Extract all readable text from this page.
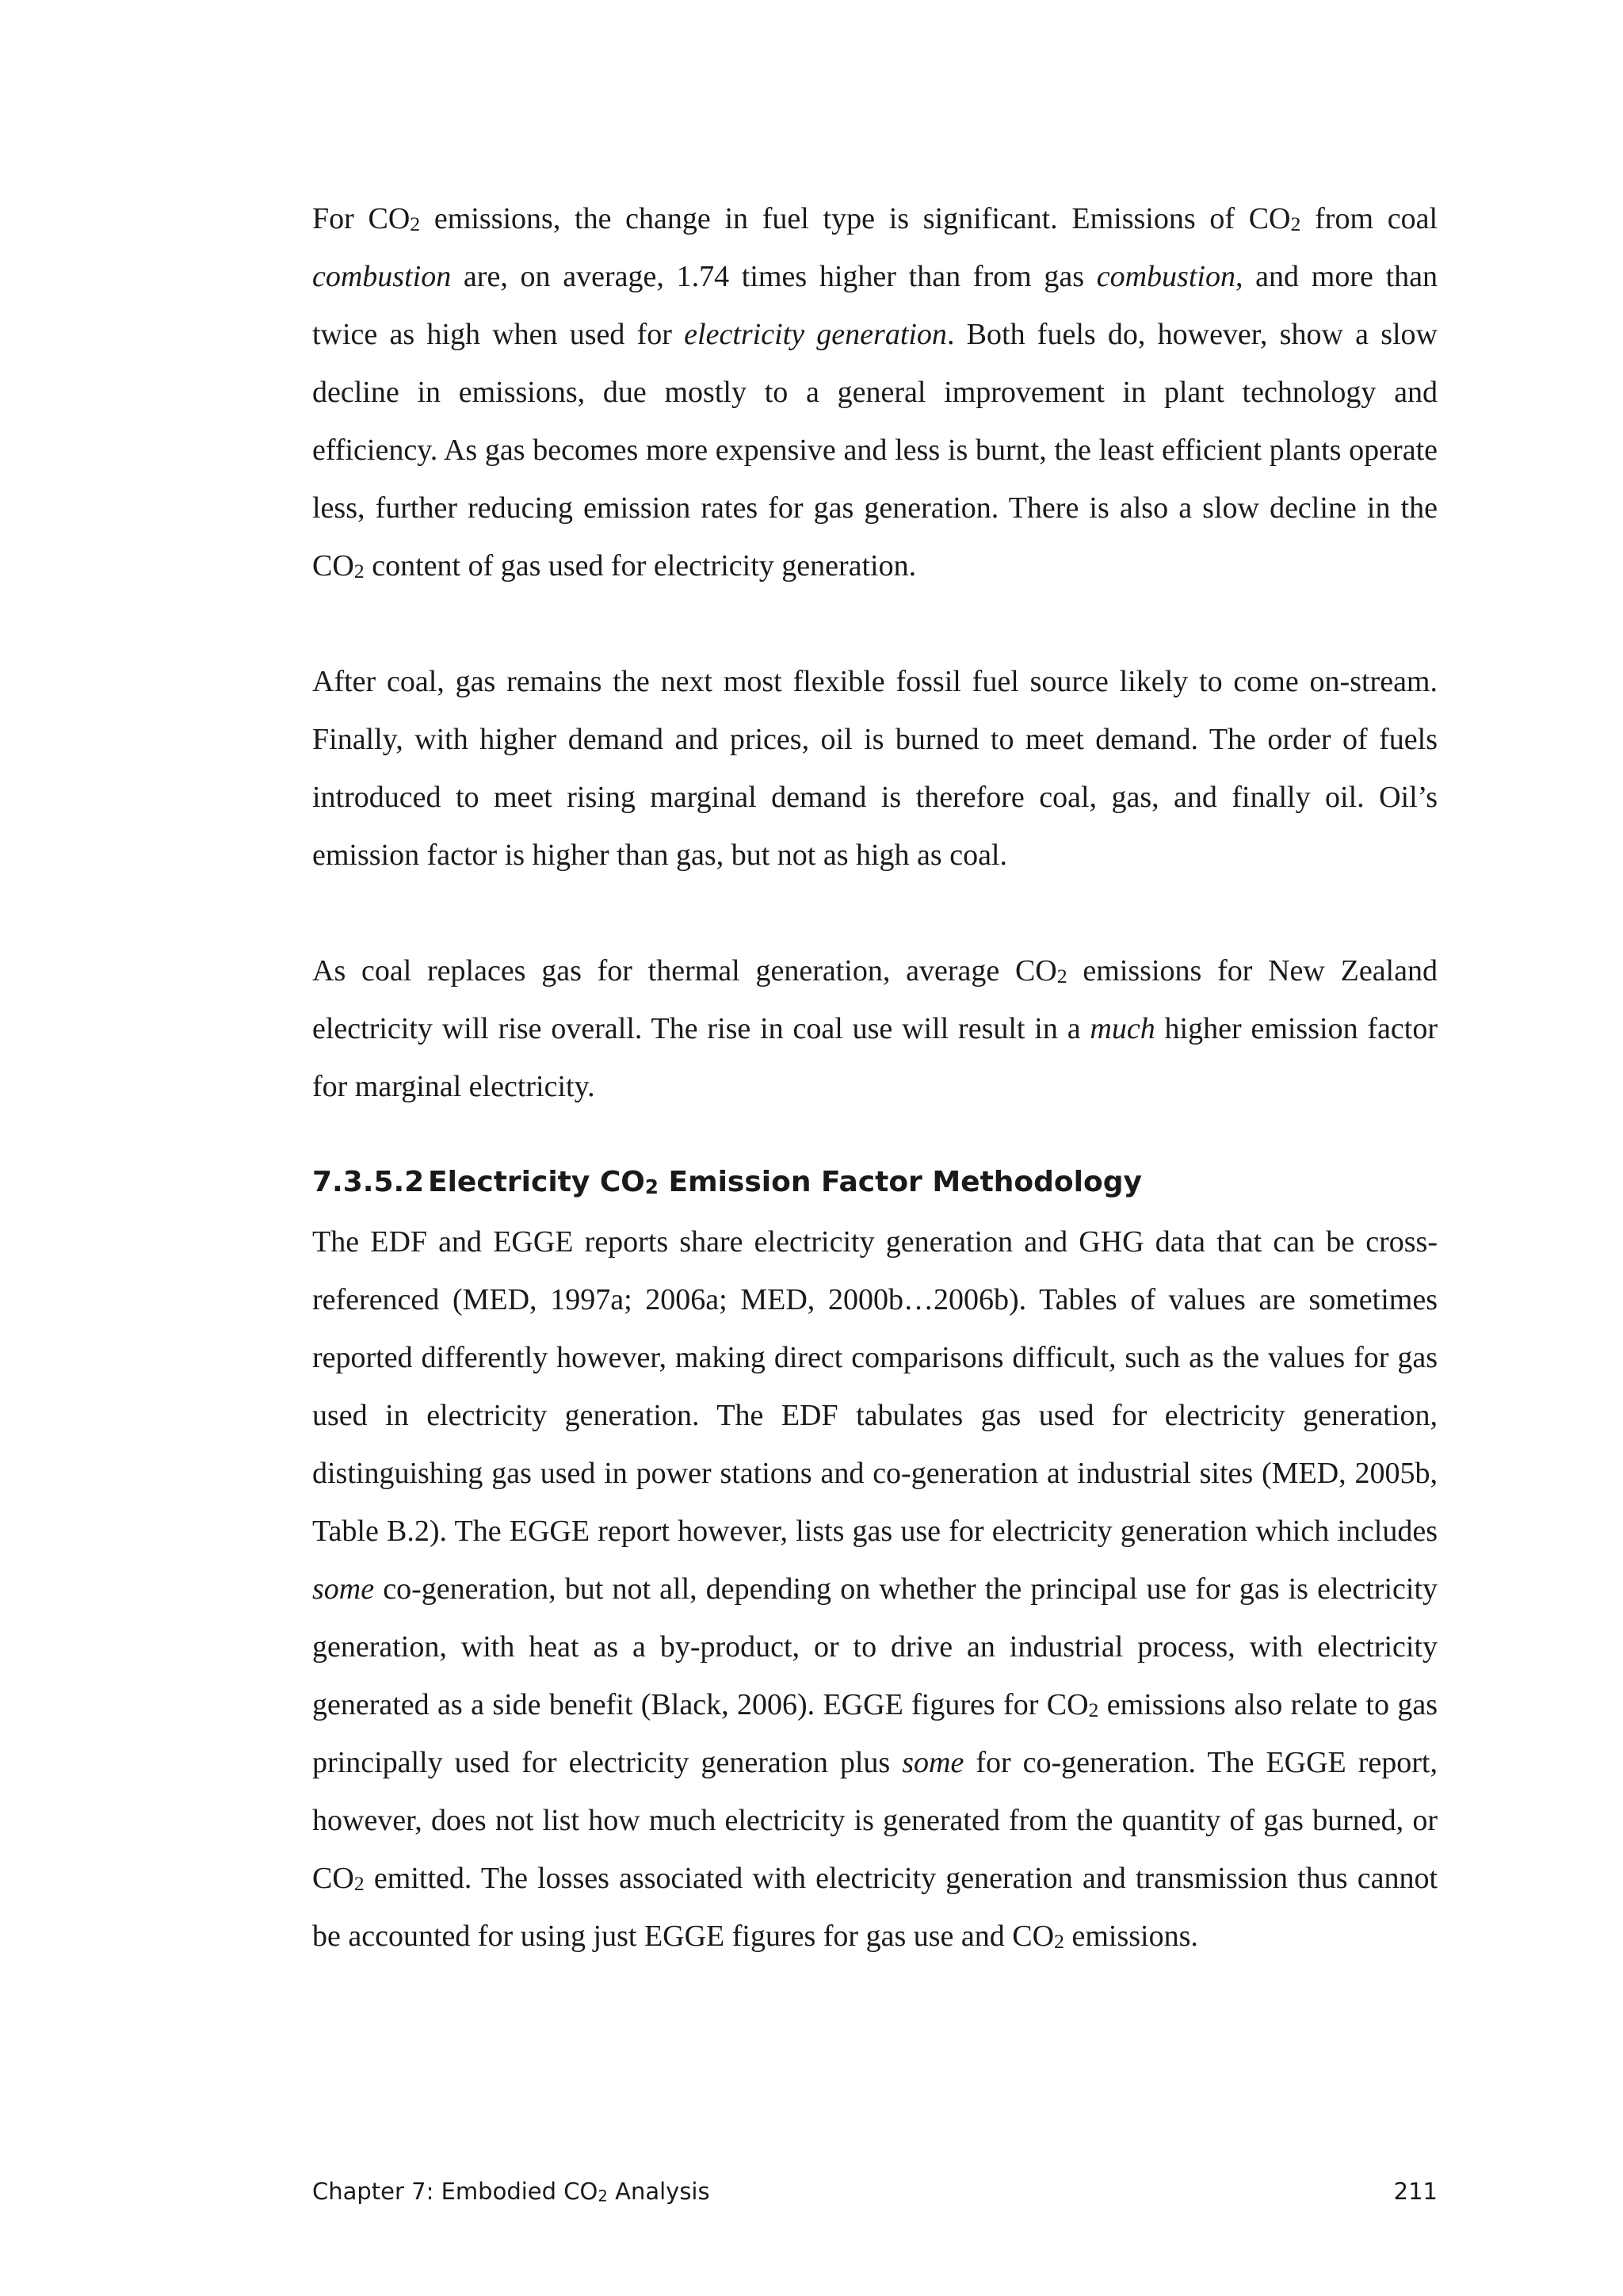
For $CO_2$ emissions, the change in fuel type is significant. Emissions of $CO_2$ from coal combustion are, on average, 1.74 times higher than from gas combustion, and more than twice as high when used for electricity generation. Both fuels do, however, show a slow decline in emissions, due mostly to a general improvement in plant technology and efficiency. As gas becomes more expensive and less is burnt, the least efficient plants operate less, further reducing emission rates for gas generation. There is also a slow decline in the $CO_2$ content of gas used for electricity generation.

After coal, gas remains the next most flexible fossil fuel source likely to come on-stream. Finally, with higher demand and prices, oil is burned to meet demand. The order of fuels introduced to meet rising marginal demand is therefore coal, gas, and finally oil. Oil’s emission factor is higher than gas, but not as high as coal.

As coal replaces gas for thermal generation, average $CO_2$ emissions for New Zealand electricity will rise overall. The rise in coal use will result in a much higher emission factor for marginal electricity.

7.3.5.2 Electricity $CO_2$ Emission Factor Methodology

The EDF and EGGE reports share electricity generation and GHG data that can be cross-referenced (MED, 1997a; 2006a; MED, 2000b…2006b). Tables of values are sometimes reported differently however, making direct comparisons difficult, such as the values for gas used in electricity generation. The EDF tabulates gas used for electricity generation, distinguishing gas used in power stations and co-generation at industrial sites (MED, 2005b, Table B.2). The EGGE report however, lists gas use for electricity generation which includes some co-generation, but not all, depending on whether the principal use for gas is electricity generation, with heat as a by-product, or to drive an industrial process, with electricity generated as a side benefit (Black, 2006). EGGE figures for $CO_2$ emissions also relate to gas principally used for electricity generation plus some for co-generation. The EGGE report, however, does not list how much electricity is generated from the quantity of gas burned, or $CO_2$ emitted. The losses associated with electricity generation and transmission thus cannot be accounted for using just EGGE figures for gas use and $CO_2$ emissions.

Chapter 7: Embodied $CO_2$ Analysis	211
